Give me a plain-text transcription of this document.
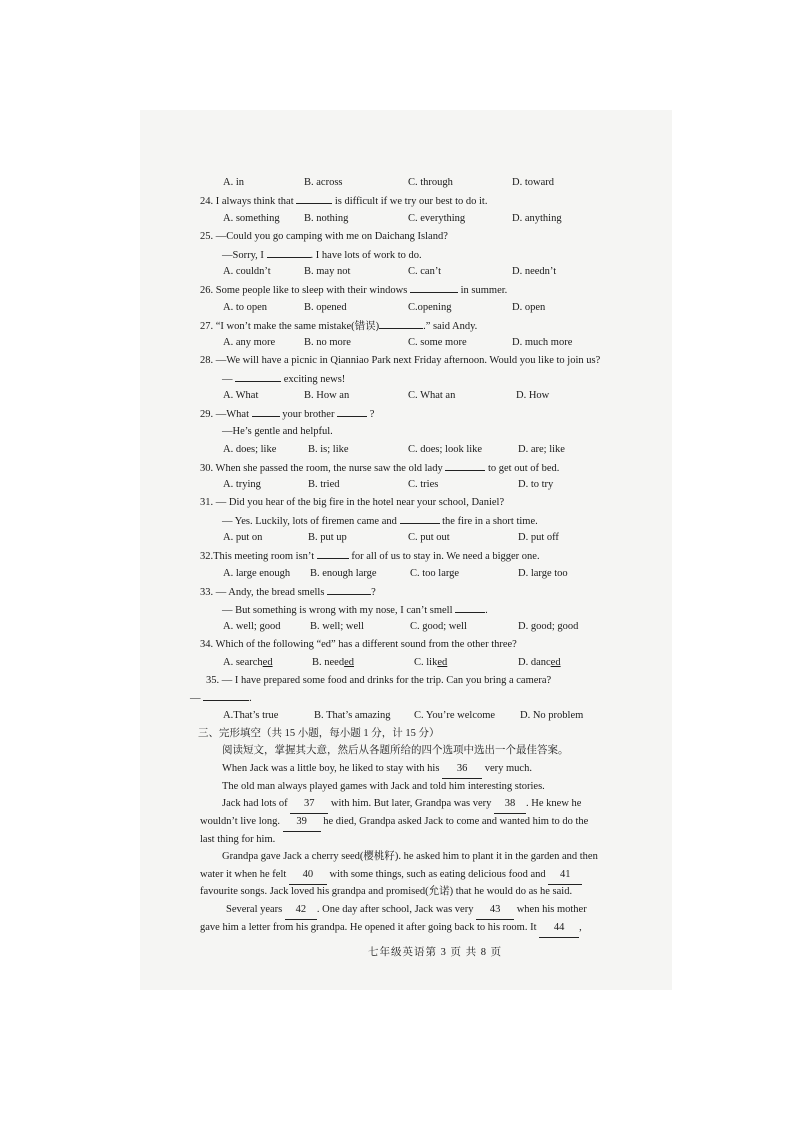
A. in	B. across	C. through	D. toward
24. I always think that	is difficult if we try our best to do it.
A. something B. nothing	C. everything	D. anything
25. —Could you go camping with me on Daichang Island?
—Sorry, I	. I have lots of work to do.
A. couldn’t	B. may not	C. can’t	D. needn’t
26. Some people like to sleep with their windows	in summer.
A. to open	B. opened	C.opening	D. open
27. “I won’t make the same mistake(错误)	.” said Andy.
A. any more	B. no more	C. some more	D. much more
28. —We will have a picnic in Qianniao Park next Friday afternoon. Would you like to join us?
—	exciting news!
A. What	B. How an	C. What an	D. How
29. —What	your brother	?
—He’s gentle and helpful.
A. does; like	B. is; like	C. does; look like	D. are; like
30. When she passed the room, the nurse saw the old lady	to get out of bed.
A. trying	B. tried	C. tries	D. to try
31. — Did you hear of the big fire in the hotel near your school, Daniel?
— Yes. Luckily, lots of firemen came and	the fire in a short time.
A. put on	B. put up	C. put out	D. put off
32.This meeting room isn’t	for all of us to stay in. We need a bigger one.
A. large enough B. enough large	C. too large	D. large too
33. — Andy, the bread smells	?
— But something is wrong with my nose, I can’t smell	.
A. well; good	B. well; well	C. good; well	D. good; good
34. Which of the following “ed” has a different sound from the other three?
A. searched	B. needed	C. liked	D. danced
35. — I have prepared some food and drinks for the trip. Can you bring a camera?
—	.
A.That’s true	B. That’s amazing C. You’re welcome D. No problem
三、完形填空（共 15 小题，每小题 1 分，计 15 分）
阅读短文，掌握其大意，然后从各题所给的四个选项中选出一个最佳答案。
When Jack was a little boy, he liked to stay with his 36 very much.
The old man always played games with Jack and told him interesting stories.
Jack had lots of 37 with him. But later, Grandpa was very 38 . He knew he
wouldn’t live long. 39 he died, Grandpa asked Jack to come and wanted him to do the
last thing for him.
Grandpa gave Jack a cherry seed(樱桃籽). he asked him to plant it in the garden and then
water it when he felt 40 with some things, such as eating delicious food and 41
favourite songs. Jack loved his grandpa and promised(允诺) that he would do as he said.
Several years 42 . One day after school, Jack was very 43 when his mother
gave him a letter from his grandpa. He opened it after going back to his room. It 44 ,
七年级英语第 3 页 共 8 页
